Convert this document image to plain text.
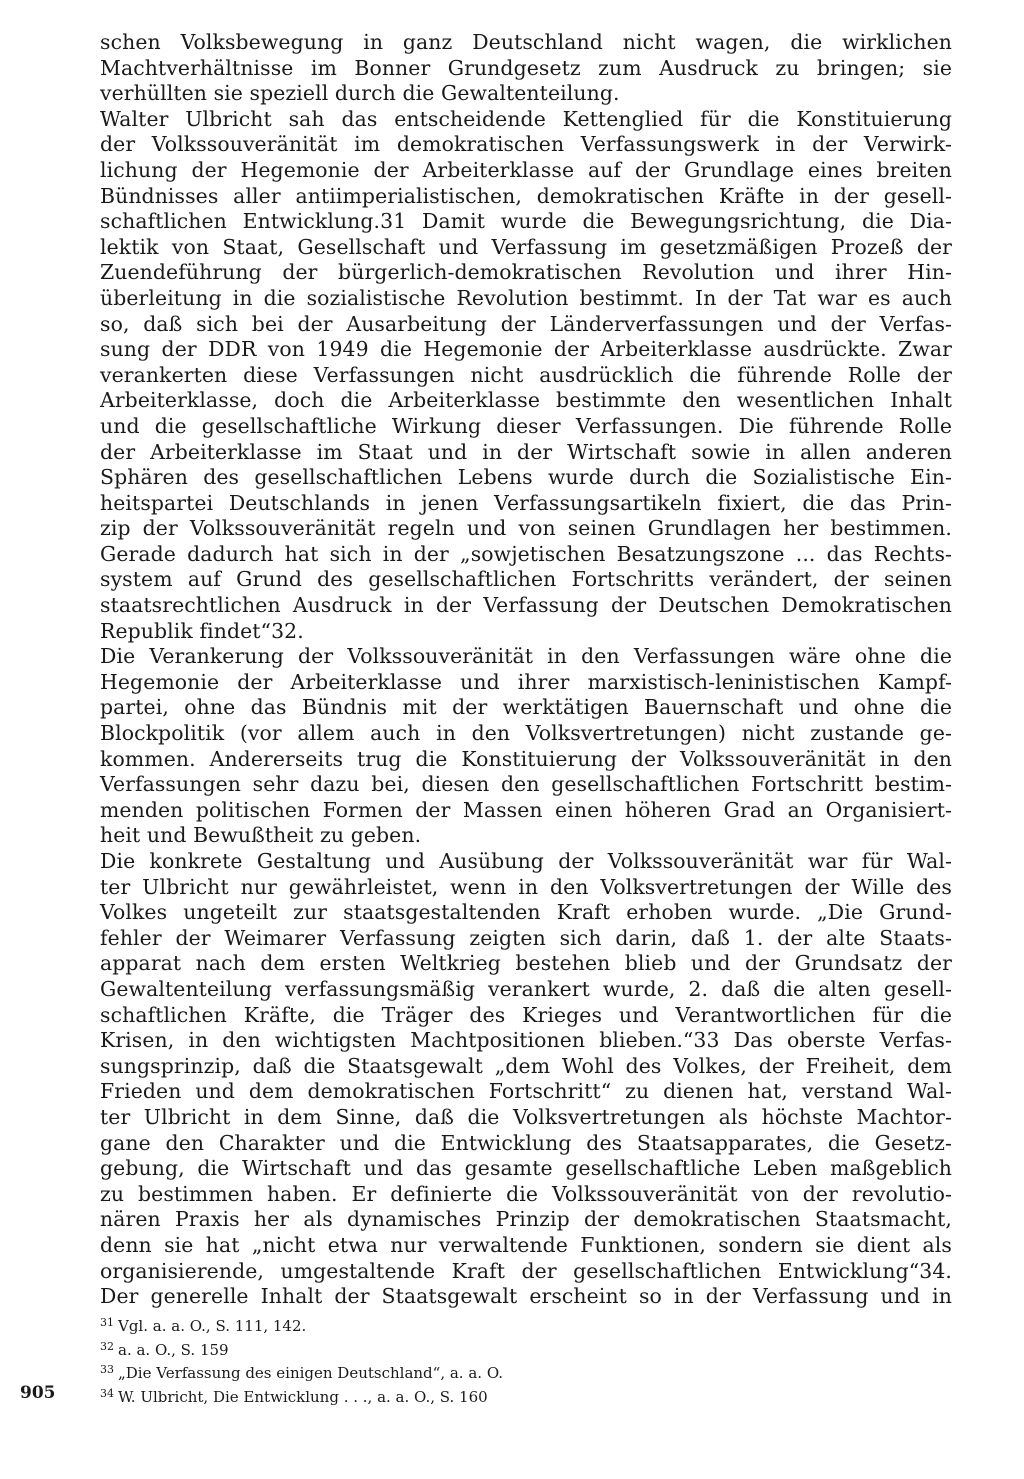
schen Volksbewegung in ganz Deutschland nicht wagen, die wirklichen
Machtverhältnisse im Bonner Grundgesetz zum Ausdruck zu bringen; sie
verhüllten sie speziell durch die Gewaltenteilung.
Walter Ulbricht sah das entscheidende Kettenglied für die Konstituierung
der Volkssouveränität im demokratischen Verfassungswerk in der Verwirk-
lichung der Hegemonie der Arbeiterklasse auf der Grundlage eines breiten
Bündnisses aller antiimperialistischen, demokratischen Kräfte in der gesell-
schaftlichen Entwicklung.31 Damit wurde die Bewegungsrichtung, die Dia-
lektik von Staat, Gesellschaft und Verfassung im gesetzmäßigen Prozeß der
Zuendeführung der bürgerlich-demokratischen Revolution und ihrer Hin-
überleitung in die sozialistische Revolution bestimmt. In der Tat war es auch
so, daß sich bei der Ausarbeitung der Länderverfassungen und der Verfas-
sung der DDR von 1949 die Hegemonie der Arbeiterklasse ausdrückte. Zwar
verankerten diese Verfassungen nicht ausdrücklich die führende Rolle der
Arbeiterklasse, doch die Arbeiterklasse bestimmte den wesentlichen Inhalt
und die gesellschaftliche Wirkung dieser Verfassungen. Die führende Rolle
der Arbeiterklasse im Staat und in der Wirtschaft sowie in allen anderen
Sphären des gesellschaftlichen Lebens wurde durch die Sozialistische Ein-
heitspartei Deutschlands in jenen Verfassungsartikeln fixiert, die das Prin-
zip der Volkssouveränität regeln und von seinen Grundlagen her bestimmen.
Gerade dadurch hat sich in der „sowjetischen Besatzungszone ... das Rechts-
system auf Grund des gesellschaftlichen Fortschritts verändert, der seinen
staatsrechtlichen Ausdruck in der Verfassung der Deutschen Demokratischen
Republik findet“32.
Die Verankerung der Volkssouveränität in den Verfassungen wäre ohne die
Hegemonie der Arbeiterklasse und ihrer marxistisch-leninistischen Kampf-
partei, ohne das Bündnis mit der werktätigen Bauernschaft und ohne die
Blockpolitik (vor allem auch in den Volksvertretungen) nicht zustande ge-
kommen. Andererseits trug die Konstituierung der Volkssouveränität in den
Verfassungen sehr dazu bei, diesen den gesellschaftlichen Fortschritt bestim-
menden politischen Formen der Massen einen höheren Grad an Organisiert-
heit und Bewußtheit zu geben.
Die konkrete Gestaltung und Ausübung der Volkssouveränität war für Wal-
ter Ulbricht nur gewährleistet, wenn in den Volksvertretungen der Wille des
Volkes ungeteilt zur staatsgestaltenden Kraft erhoben wurde. „Die Grund-
fehler der Weimarer Verfassung zeigten sich darin, daß 1. der alte Staats-
apparat nach dem ersten Weltkrieg bestehen blieb und der Grundsatz der
Gewaltenteilung verfassungsmäßig verankert wurde, 2. daß die alten gesell-
schaftlichen Kräfte, die Träger des Krieges und Verantwortlichen für die
Krisen, in den wichtigsten Machtpositionen blieben.“33 Das oberste Verfas-
sungsprinzip, daß die Staatsgewalt „dem Wohl des Volkes, der Freiheit, dem
Frieden und dem demokratischen Fortschritt“ zu dienen hat, verstand Wal-
ter Ulbricht in dem Sinne, daß die Volksvertretungen als höchste Machtor-
gane den Charakter und die Entwicklung des Staatsapparates, die Gesetz-
gebung, die Wirtschaft und das gesamte gesellschaftliche Leben maßgeblich
zu bestimmen haben. Er definierte die Volkssouveränität von der revolutio-
nären Praxis her als dynamisches Prinzip der demokratischen Staatsmacht,
denn sie hat „nicht etwa nur verwaltende Funktionen, sondern sie dient als
organisierende, umgestaltende Kraft der gesellschaftlichen Entwicklung“34.
Der generelle Inhalt der Staatsgewalt erscheint so in der Verfassung und in
$^{31}$ Vgl. a. a. O., S. 111, 142.
$^{32}$ a. a. O., S. 159
$^{33}$ „Die Verfassung des einigen Deutschland“, a. a. O.
$^{34}$ W. Ulbricht, Die Entwicklung . . ., a. a. O., S. 160
905
